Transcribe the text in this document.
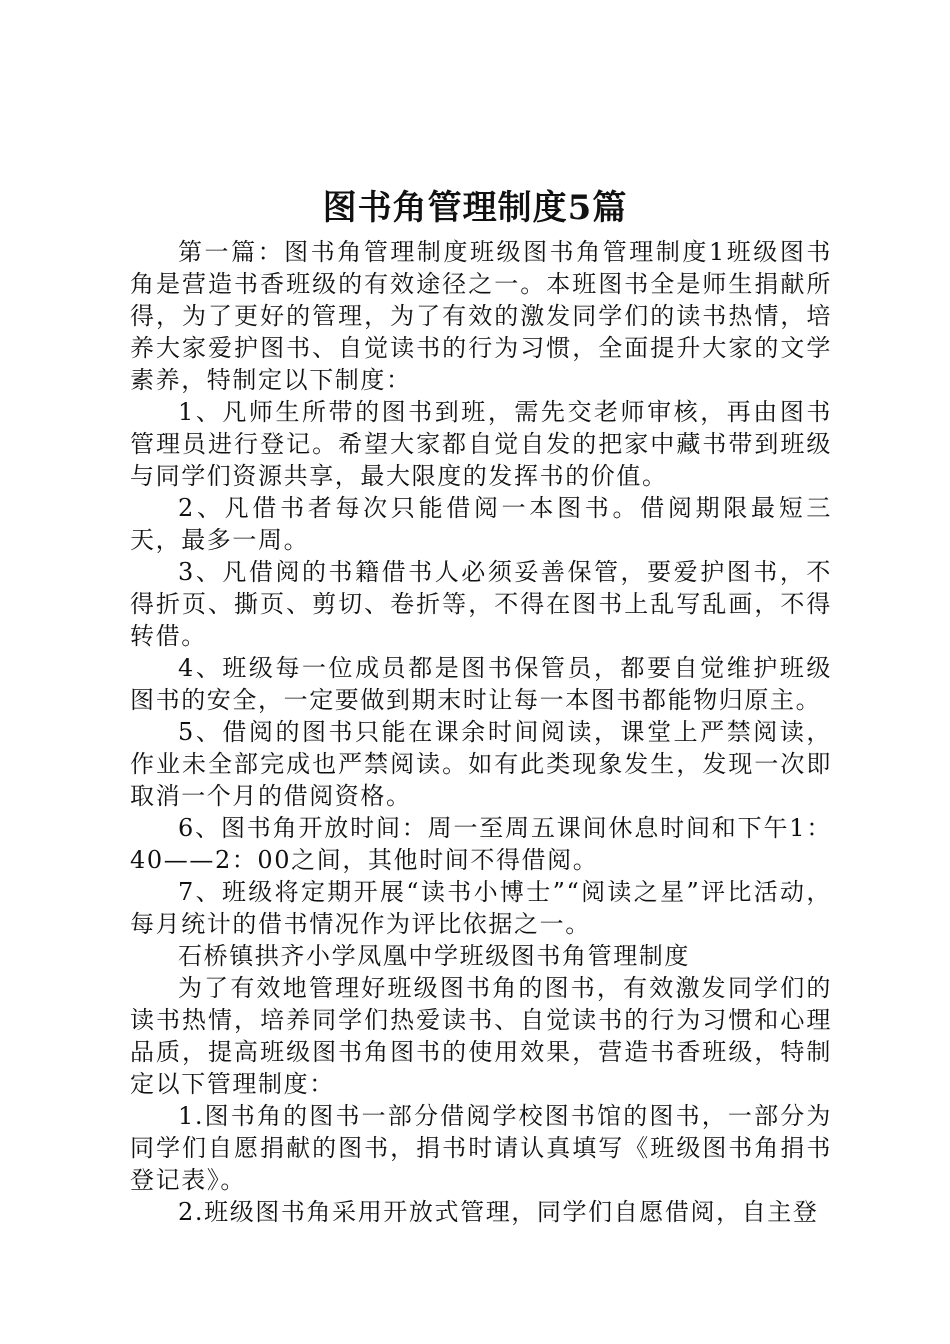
图书角管理制度5篇

第一篇：图书角管理制度班级图书角管理制度1班级图书角是营造书香班级的有效途径之一。本班图书全是师生捐献所得，为了更好的管理，为了有效的激发同学们的读书热情，培养大家爱护图书、自觉读书的行为习惯，全面提升大家的文学素养，特制定以下制度：

1、凡师生所带的图书到班，需先交老师审核，再由图书管理员进行登记。希望大家都自觉自发的把家中藏书带到班级与同学们资源共享，最大限度的发挥书的价值。

2、凡借书者每次只能借阅一本图书。借阅期限最短三天，最多一周。

3、凡借阅的书籍借书人必须妥善保管，要爱护图书，不得折页、撕页、剪切、卷折等，不得在图书上乱写乱画，不得转借。

4、班级每一位成员都是图书保管员，都要自觉维护班级图书的安全，一定要做到期末时让每一本图书都能物归原主。

5、借阅的图书只能在课余时间阅读，课堂上严禁阅读，作业未全部完成也严禁阅读。如有此类现象发生，发现一次即取消一个月的借阅资格。

6、图书角开放时间：周一至周五课间休息时间和下午1：40——2：00之间，其他时间不得借阅。

7、班级将定期开展“读书小博士”“阅读之星”评比活动，每月统计的借书情况作为评比依据之一。

石桥镇拱齐小学凤凰中学班级图书角管理制度

为了有效地管理好班级图书角的图书，有效激发同学们的读书热情，培养同学们热爱读书、自觉读书的行为习惯和心理品质，提高班级图书角图书的使用效果，营造书香班级，特制定以下管理制度：

1.图书角的图书一部分借阅学校图书馆的图书，一部分为同学们自愿捐献的图书，捐书时请认真填写《班级图书角捐书登记表》。

2.班级图书角采用开放式管理，同学们自愿借阅，自主登
